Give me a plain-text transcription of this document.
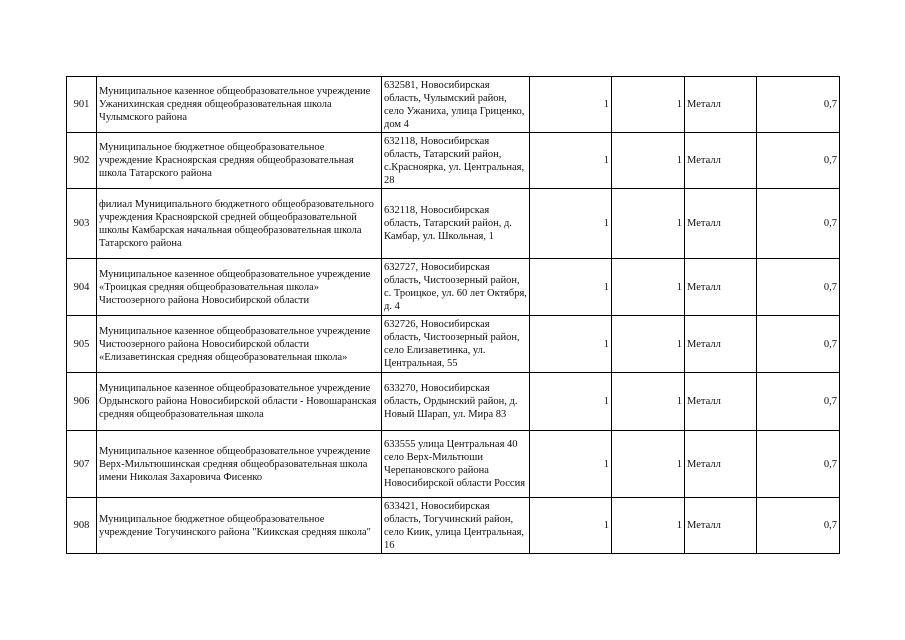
901	Муниципальное казенное общеобразовательное учреждение Ужанихинская средняя общеобразовательная школа Чулымского района	632581, Новосибирская область, Чулымский район, село Ужаниха, улица Гриценко, дом 4	1	1	Металл	0,7
902	Муниципальное бюджетное общеобразовательное учреждение Красноярская средняя общеобразовательная школа Татарского района	632118, Новосибирская область, Татарский район, с.Красноярка, ул. Центральная, 28	1	1	Металл	0,7
903	филиал Муниципального бюджетного общеобразовательного учреждения Красноярской средней общеобразовательной школы Камбарская начальная общеобразовательная школа Татарского района	632118, Новосибирская область, Татарский район, д. Камбар, ул. Школьная, 1	1	1	Металл	0,7
904	Муниципальное казенное общеобразовательное учреждение «Троицкая средняя общеобразовательная школа» Чистоозерного района Новосибирской области	632727, Новосибирская область, Чистоозерный район, с. Троицкое, ул. 60 лет Октября, д. 4	1	1	Металл	0,7
905	Муниципальное казенное общеобразовательное учреждение Чистоозерного района Новосибирской области «Елизаветинская средняя общеобразовательная школа»	632726, Новосибирская область, Чистоозерный район, село Елизаветинка, ул. Центральная, 55	1	1	Металл	0,7
906	Муниципальное казенное общеобразовательное учреждение Ордынского района Новосибирской области - Новошаранская средняя общеобразовательная школа	633270, Новосибирская область, Ордынский район, д. Новый Шарап, ул. Мира 83	1	1	Металл	0,7
907	Муниципальное казенное общеобразовательное учреждение Верх-Мильтюшинская средняя общеобразовательная школа имени Николая Захаровича Фисенко	633555 улица Центральная 40 село Верх-Мильтюши Черепановского района Новосибирской области Россия	1	1	Металл	0,7
908	Муниципальное бюджетное общеобразовательное учреждение Тогучинского района "Киикская средняя школа"	633421, Новосибирская область, Тогучинский район, село Киик, улица Центральная, 16	1	1	Металл	0,7
